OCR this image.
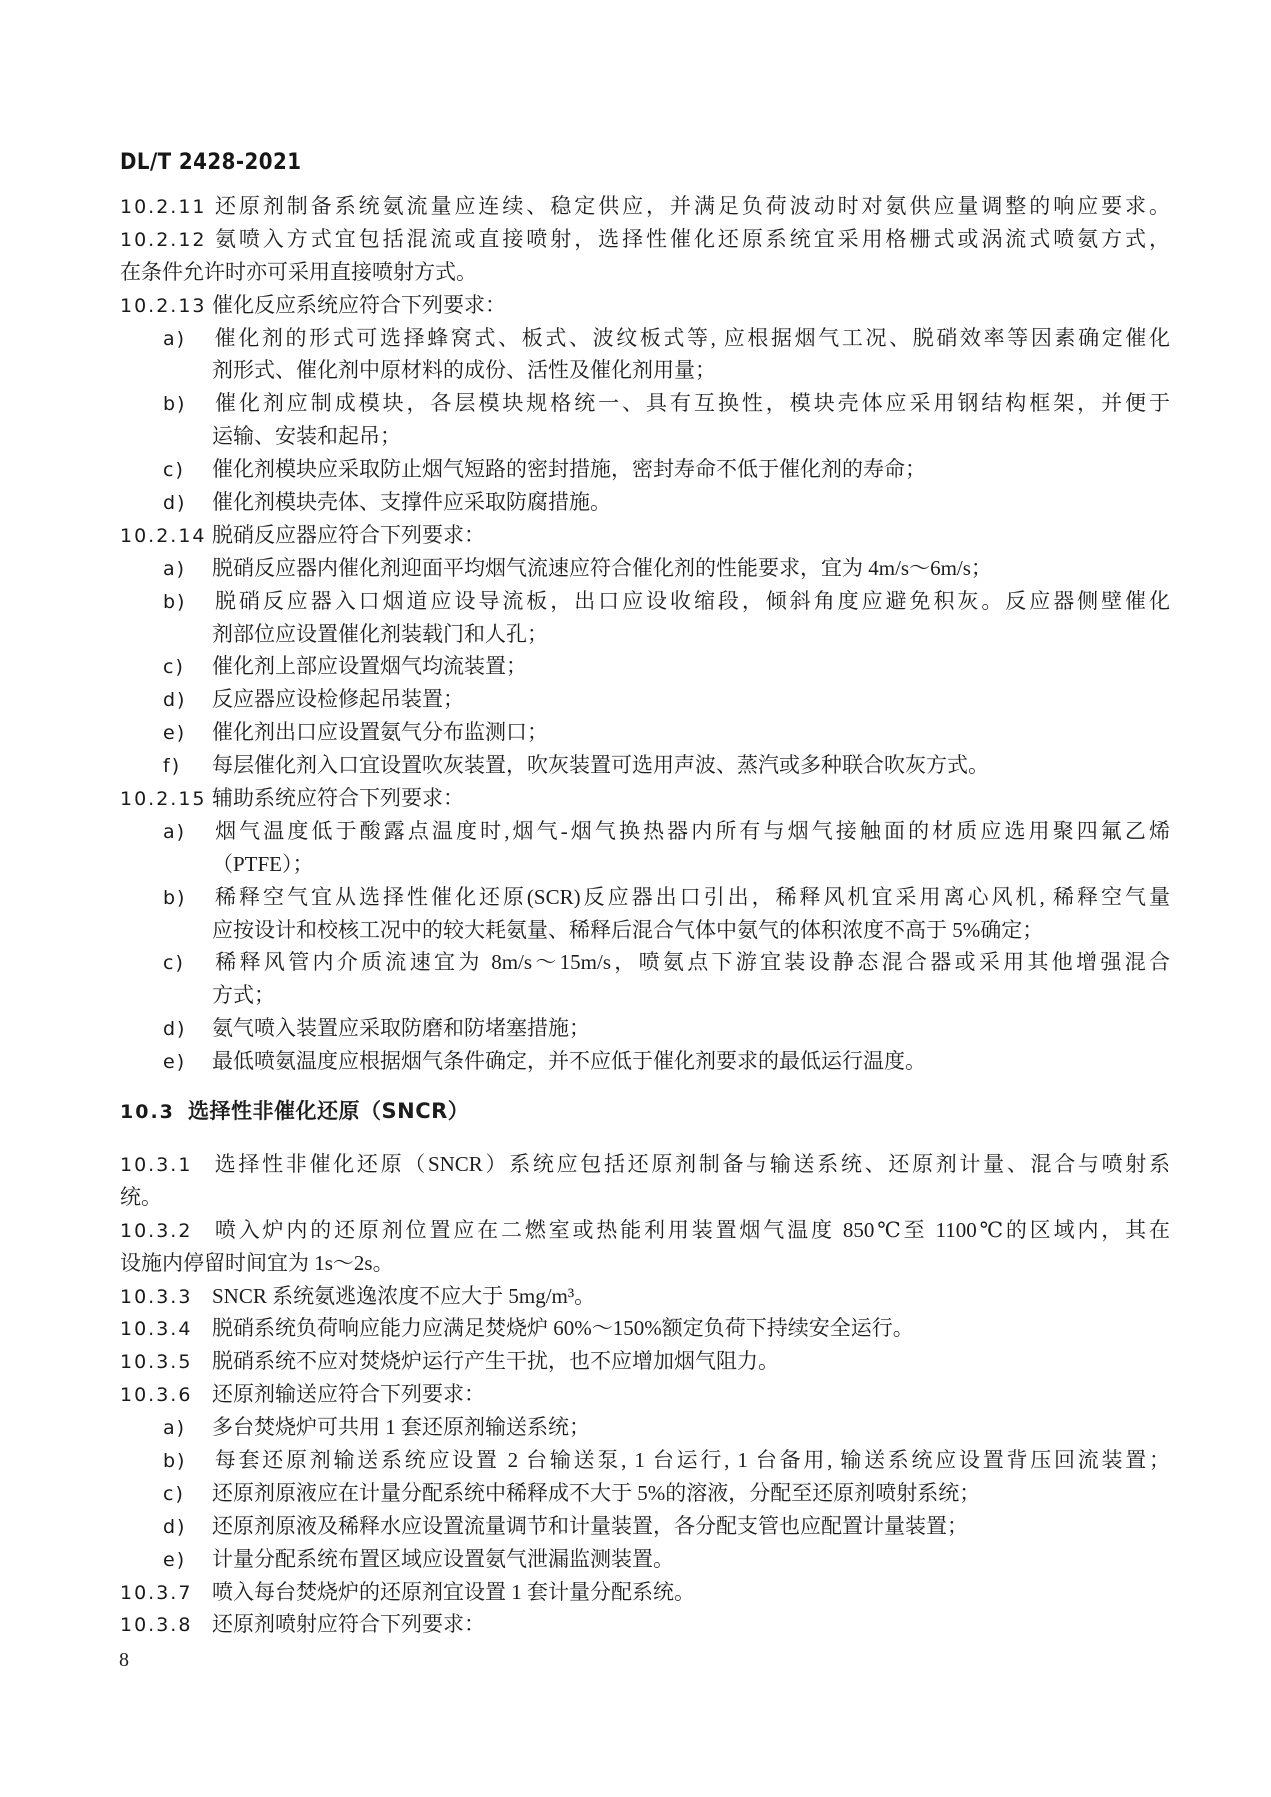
DL/T 2428-2021
10.2.11 还原剂制备系统氨流量应连续、稳定供应，并满足负荷波动时对氨供应量调整的响应要求。
10.2.12 氨喷入方式宜包括混流或直接喷射，选择性催化还原系统宜采用格栅式或涡流式喷氨方式，
在条件允许时亦可采用直接喷射方式。
10.2.13 催化反应系统应符合下列要求：
a) 催化剂的形式可选择蜂窝式、板式、波纹板式等, 应根据烟气工况、脱硝效率等因素确定催化
剂形式、催化剂中原材料的成份、活性及催化剂用量；
b) 催化剂应制成模块，各层模块规格统一、具有互换性，模块壳体应采用钢结构框架，并便于
运输、安装和起吊；
c) 催化剂模块应采取防止烟气短路的密封措施，密封寿命不低于催化剂的寿命；
d) 催化剂模块壳体、支撑件应采取防腐措施。
10.2.14 脱硝反应器应符合下列要求：
a) 脱硝反应器内催化剂迎面平均烟气流速应符合催化剂的性能要求，宜为 4m/s～6m/s；
b) 脱硝反应器入口烟道应设导流板，出口应设收缩段，倾斜角度应避免积灰。反应器侧壁催化
剂部位应设置催化剂装载门和人孔；
c) 催化剂上部应设置烟气均流装置；
d) 反应器应设检修起吊装置；
e) 催化剂出口应设置氨气分布监测口；
f) 每层催化剂入口宜设置吹灰装置，吹灰装置可选用声波、蒸汽或多种联合吹灰方式。
10.2.15 辅助系统应符合下列要求：
a) 烟气温度低于酸露点温度时,烟气-烟气换热器内所有与烟气接触面的材质应选用聚四氟乙烯
（PTFE）；
b) 稀释空气宜从选择性催化还原(SCR)反应器出口引出，稀释风机宜采用离心风机, 稀释空气量
应按设计和校核工况中的较大耗氨量、稀释后混合气体中氨气的体积浓度不高于 5%确定；
c) 稀释风管内介质流速宜为 8m/s～15m/s，喷氨点下游宜装设静态混合器或采用其他增强混合
方式；
d) 氨气喷入装置应采取防磨和防堵塞措施；
e) 最低喷氨温度应根据烟气条件确定，并不应低于催化剂要求的最低运行温度。
10.3 选择性非催化还原（SNCR）
10.3.1 选择性非催化还原（SNCR）系统应包括还原剂制备与输送系统、还原剂计量、混合与喷射系
统。
10.3.2 喷入炉内的还原剂位置应在二燃室或热能利用装置烟气温度 850℃至 1100℃的区域内，其在
设施内停留时间宜为 1s～2s。
10.3.3 SNCR 系统氨逃逸浓度不应大于 5mg/m³。
10.3.4 脱硝系统负荷响应能力应满足焚烧炉 60%～150%额定负荷下持续安全运行。
10.3.5 脱硝系统不应对焚烧炉运行产生干扰，也不应增加烟气阻力。
10.3.6 还原剂输送应符合下列要求：
a) 多台焚烧炉可共用 1 套还原剂输送系统；
b) 每套还原剂输送系统应设置 2 台输送泵, 1 台运行, 1 台备用, 输送系统应设置背压回流装置；
c) 还原剂原液应在计量分配系统中稀释成不大于 5%的溶液，分配至还原剂喷射系统；
d) 还原剂原液及稀释水应设置流量调节和计量装置，各分配支管也应配置计量装置；
e) 计量分配系统布置区域应设置氨气泄漏监测装置。
10.3.7 喷入每台焚烧炉的还原剂宜设置 1 套计量分配系统。
10.3.8 还原剂喷射应符合下列要求：
8
